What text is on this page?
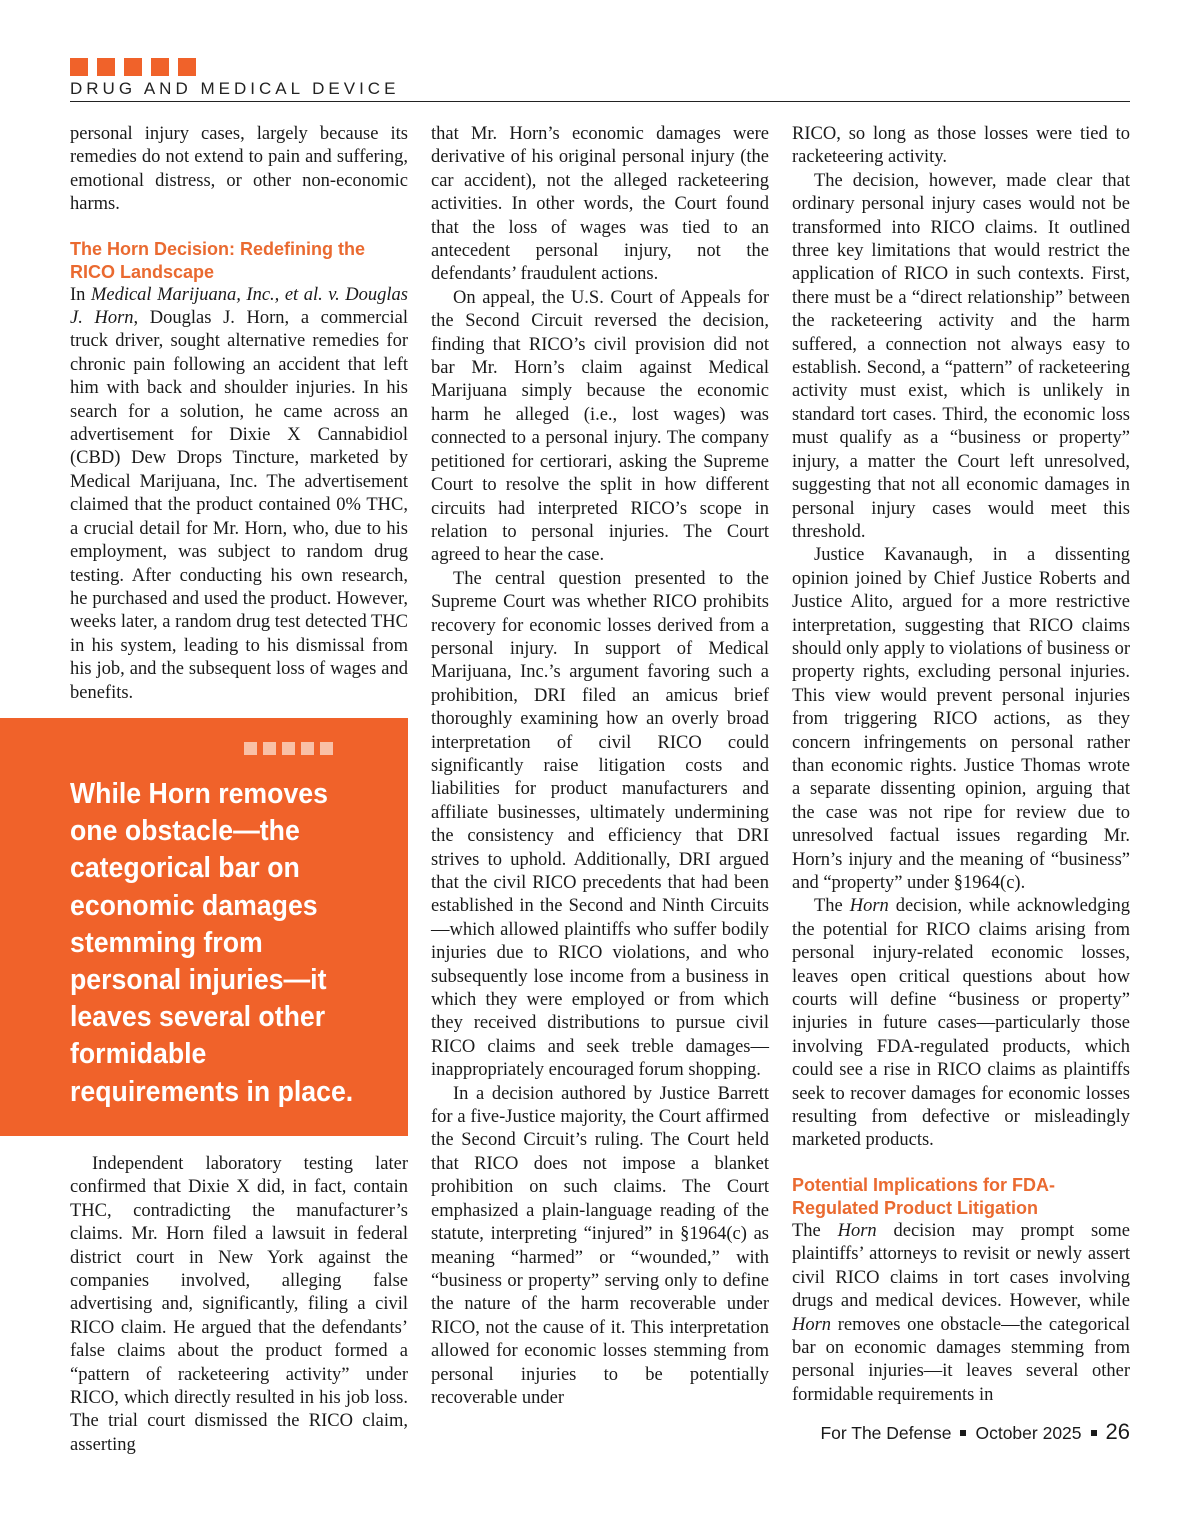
DRUG AND MEDICAL DEVICE

personal injury cases, largely because its remedies do not extend to pain and suffering, emotional distress, or other non-economic harms.

The Horn Decision: Redefining the RICO Landscape

In Medical Marijuana, Inc., et al. v. Douglas J. Horn, Douglas J. Horn, a commercial truck driver, sought alternative remedies for chronic pain following an accident that left him with back and shoulder injuries. In his search for a solution, he came across an advertisement for Dixie X Cannabidiol (CBD) Dew Drops Tincture, marketed by Medical Marijuana, Inc. The advertisement claimed that the product contained 0% THC, a crucial detail for Mr. Horn, who, due to his employment, was subject to random drug testing. After conducting his own research, he purchased and used the product. However, weeks later, a random drug test detected THC in his system, leading to his dismissal from his job, and the subsequent loss of wages and benefits.

While Horn removes one obstacle—the categorical bar on economic damages stemming from personal injuries—it leaves several other formidable requirements in place.

Independent laboratory testing later confirmed that Dixie X did, in fact, contain THC, contradicting the manufacturer’s claims. Mr. Horn filed a lawsuit in federal district court in New York against the companies involved, alleging false advertising and, significantly, filing a civil RICO claim. He argued that the defendants’ false claims about the product formed a “pattern of racketeering activity” under RICO, which directly resulted in his job loss. The trial court dismissed the RICO claim, asserting

that Mr. Horn’s economic damages were derivative of his original personal injury (the car accident), not the alleged racketeering activities. In other words, the Court found that the loss of wages was tied to an antecedent personal injury, not the defendants’ fraudulent actions.

On appeal, the U.S. Court of Appeals for the Second Circuit reversed the decision, finding that RICO’s civil provision did not bar Mr. Horn’s claim against Medical Marijuana simply because the economic harm he alleged (i.e., lost wages) was connected to a personal injury. The company petitioned for certiorari, asking the Supreme Court to resolve the split in how different circuits had interpreted RICO’s scope in relation to personal injuries. The Court agreed to hear the case.

The central question presented to the Supreme Court was whether RICO prohibits recovery for economic losses derived from a personal injury. In support of Medical Marijuana, Inc.’s argument favoring such a prohibition, DRI filed an amicus brief thoroughly examining how an overly broad interpretation of civil RICO could significantly raise litigation costs and liabilities for product manufacturers and affiliate businesses, ultimately undermining the consistency and efficiency that DRI strives to uphold. Additionally, DRI argued that the civil RICO precedents that had been established in the Second and Ninth Circuits—which allowed plaintiffs who suffer bodily injuries due to RICO violations, and who subsequently lose income from a business in which they were employed or from which they received distributions to pursue civil RICO claims and seek treble damages—inappropriately encouraged forum shopping.

In a decision authored by Justice Barrett for a five-Justice majority, the Court affirmed the Second Circuit’s ruling. The Court held that RICO does not impose a blanket prohibition on such claims. The Court emphasized a plain-language reading of the statute, interpreting “injured” in §1964(c) as meaning “harmed” or “wounded,” with “business or property” serving only to define the nature of the harm recoverable under RICO, not the cause of it. This interpretation allowed for economic losses stemming from personal injuries to be potentially recoverable under

RICO, so long as those losses were tied to racketeering activity.

The decision, however, made clear that ordinary personal injury cases would not be transformed into RICO claims. It outlined three key limitations that would restrict the application of RICO in such contexts. First, there must be a “direct relationship” between the racketeering activity and the harm suffered, a connection not always easy to establish. Second, a “pattern” of racketeering activity must exist, which is unlikely in standard tort cases. Third, the economic loss must qualify as a “business or property” injury, a matter the Court left unresolved, suggesting that not all economic damages in personal injury cases would meet this threshold.

Justice Kavanaugh, in a dissenting opinion joined by Chief Justice Roberts and Justice Alito, argued for a more restrictive interpretation, suggesting that RICO claims should only apply to violations of business or property rights, excluding personal injuries. This view would prevent personal injuries from triggering RICO actions, as they concern infringements on personal rather than economic rights. Justice Thomas wrote a separate dissenting opinion, arguing that the case was not ripe for review due to unresolved factual issues regarding Mr. Horn’s injury and the meaning of “business” and “property” under §1964(c).

The Horn decision, while acknowledging the potential for RICO claims arising from personal injury-related economic losses, leaves open critical questions about how courts will define “business or property” injuries in future cases—particularly those involving FDA-regulated products, which could see a rise in RICO claims as plaintiffs seek to recover damages for economic losses resulting from defective or misleadingly marketed products.

Potential Implications for FDA-Regulated Product Litigation

The Horn decision may prompt some plaintiffs’ attorneys to revisit or newly assert civil RICO claims in tort cases involving drugs and medical devices. However, while Horn removes one obstacle—the categorical bar on economic damages stemming from personal injuries—it leaves several other formidable requirements in

For The Defense October 2025 26
